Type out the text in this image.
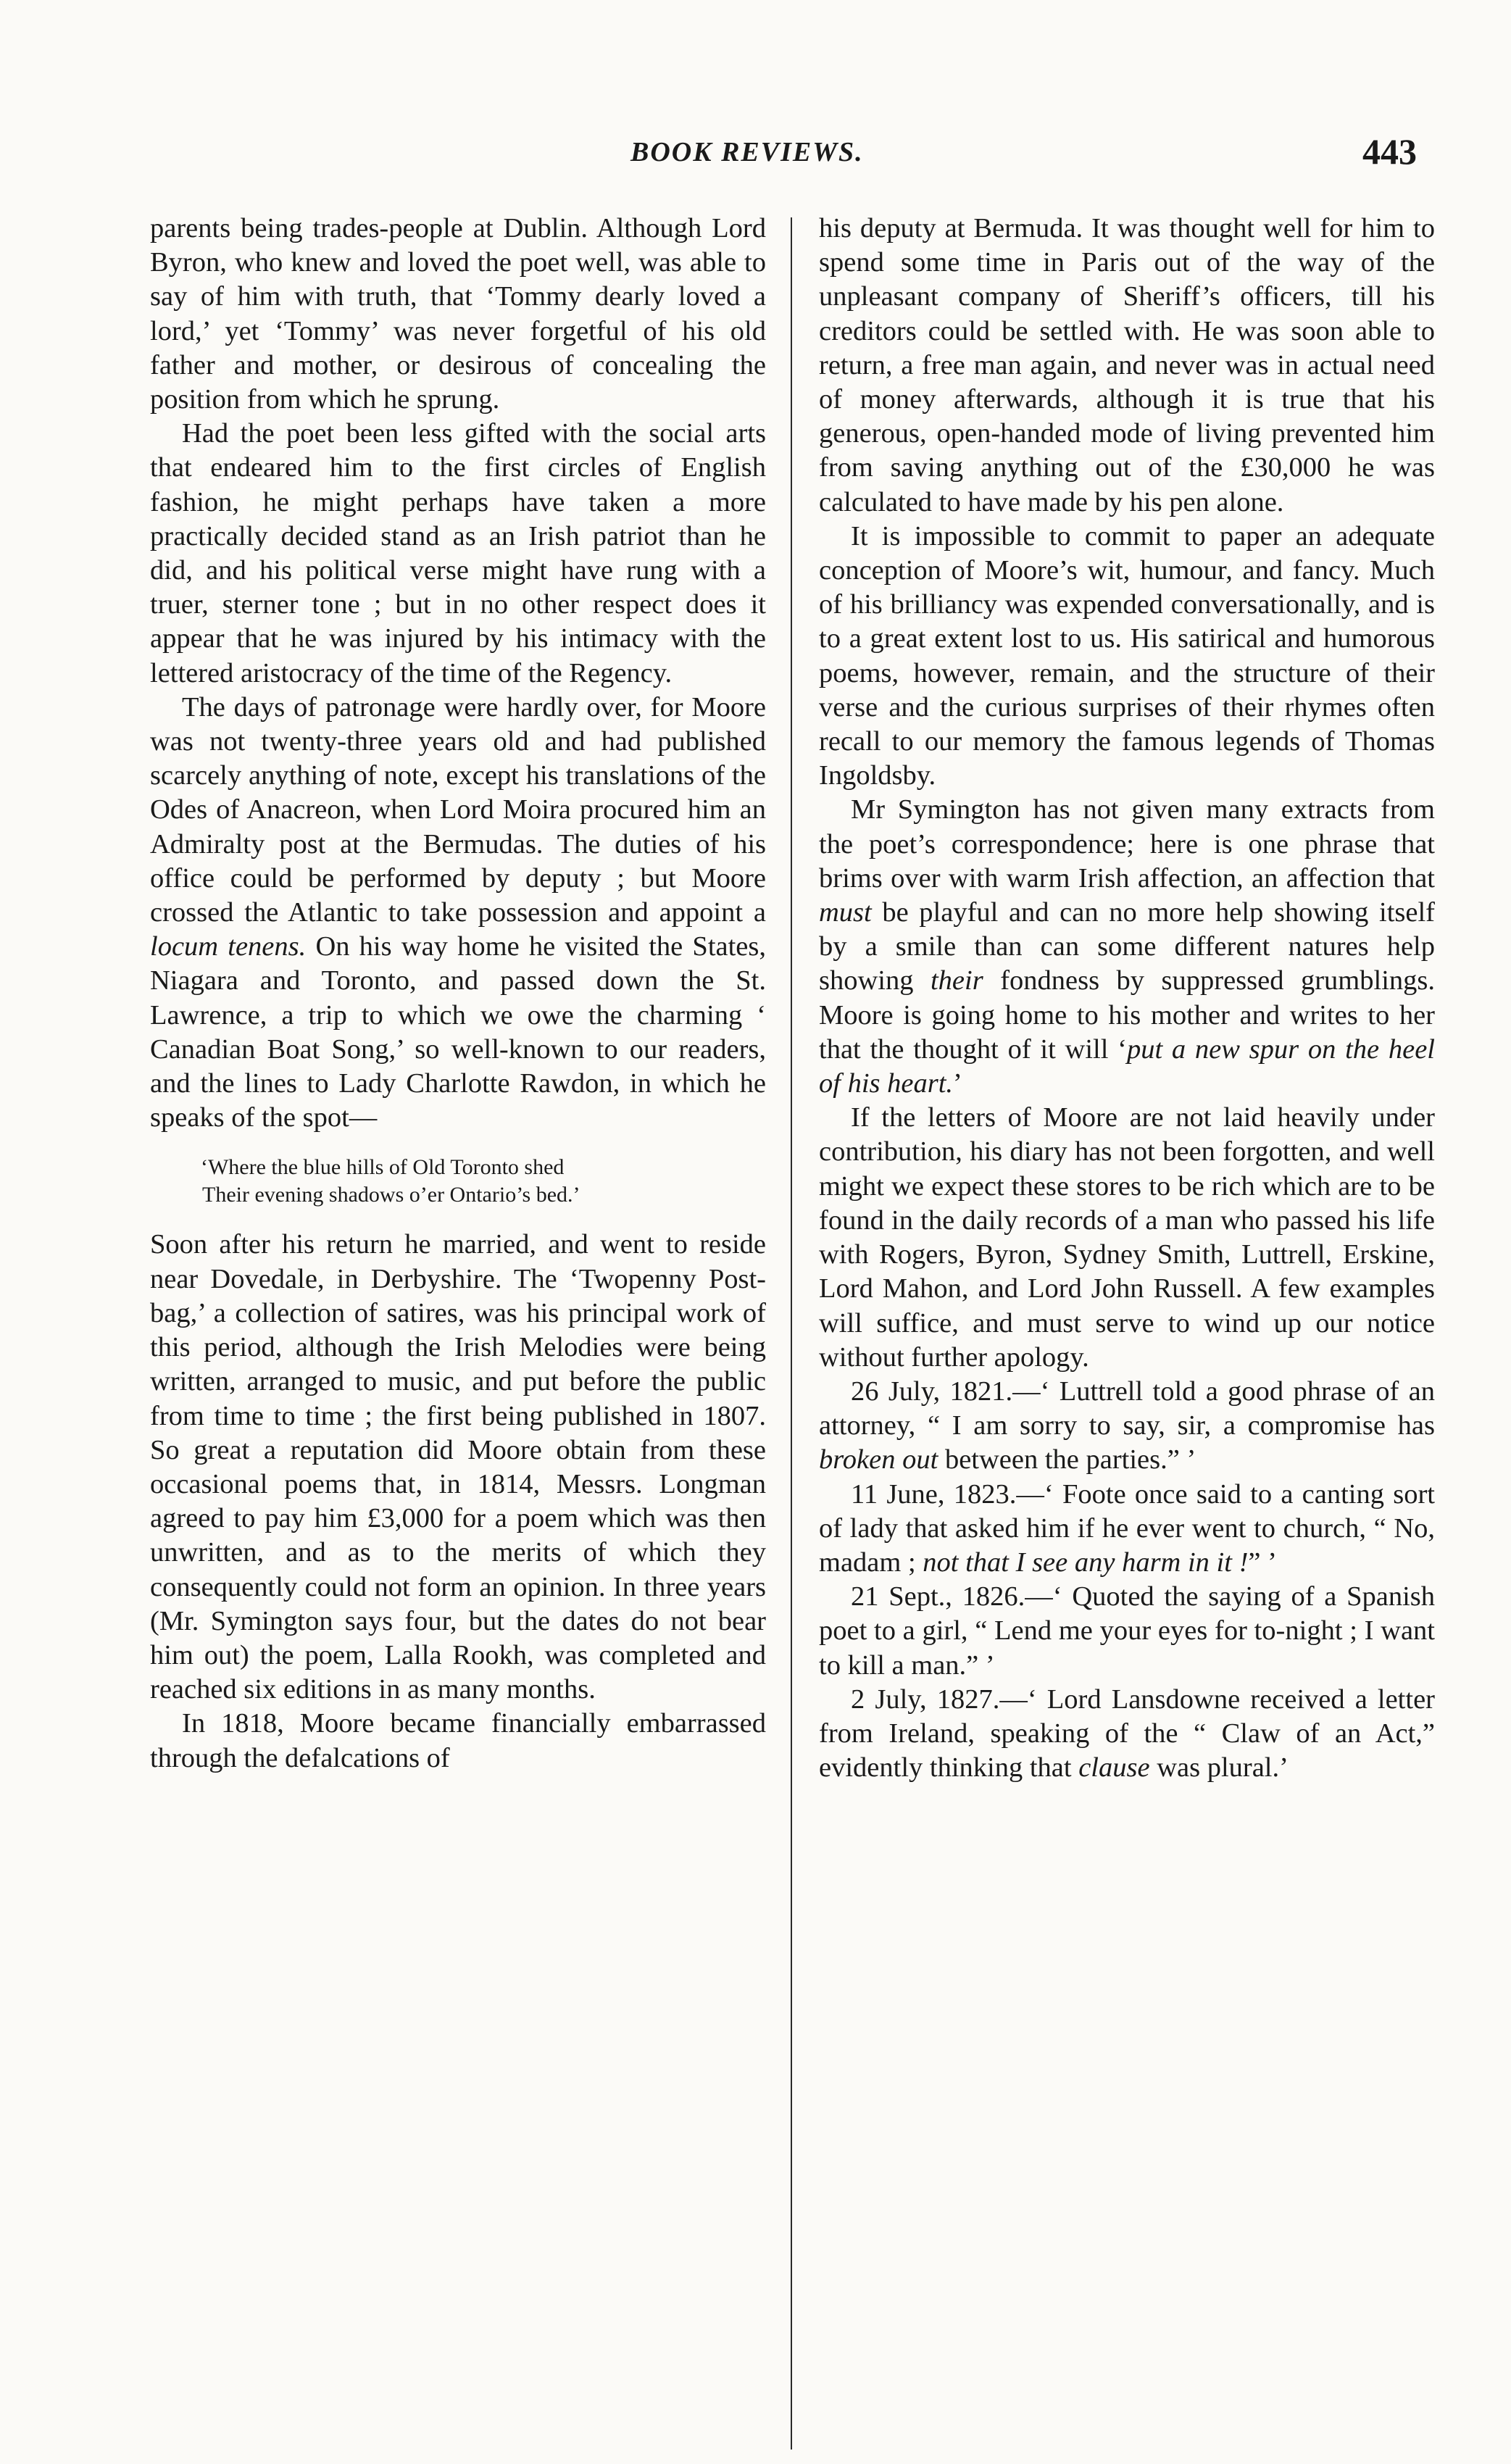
BOOK REVIEWS.	443

parents being trades-people at Dublin. Although Lord Byron, who knew and loved the poet well, was able to say of him with truth, that ‘Tommy dearly loved a lord,’ yet ‘Tommy’ was never forgetful of his old father and mother, or desirous of concealing the position from which he sprung.

Had the poet been less gifted with the social arts that endeared him to the first circles of English fashion, he might perhaps have taken a more practically decided stand as an Irish patriot than he did, and his political verse might have rung with a truer, sterner tone ; but in no other respect does it appear that he was injured by his intimacy with the lettered aristocracy of the time of the Regency.

The days of patronage were hardly over, for Moore was not twenty-three years old and had published scarcely anything of note, except his translations of the Odes of Anacreon, when Lord Moira procured him an Admiralty post at the Bermudas. The duties of his office could be performed by deputy ; but Moore crossed the Atlantic to take possession and appoint a locum tenens. On his way home he visited the States, Niagara and Toronto, and passed down the St. Lawrence, a trip to which we owe the charming ‘ Canadian Boat Song,’ so well-known to our readers, and the lines to Lady Charlotte Rawdon, in which he speaks of the spot—

‘Where the blue hills of Old Toronto shed
Their evening shadows o’er Ontario’s bed.’

Soon after his return he married, and went to reside near Dovedale, in Derbyshire. The ‘Twopenny Post-bag,’ a collection of satires, was his principal work of this period, although the Irish Melodies were being written, arranged to music, and put before the public from time to time ; the first being published in 1807. So great a reputation did Moore obtain from these occasional poems that, in 1814, Messrs. Longman agreed to pay him £3,000 for a poem which was then unwritten, and as to the merits of which they consequently could not form an opinion. In three years (Mr. Symington says four, but the dates do not bear him out) the poem, Lalla Rookh, was completed and reached six editions in as many months.

In 1818, Moore became financially embarrassed through the defalcations of

his deputy at Bermuda. It was thought well for him to spend some time in Paris out of the way of the unpleasant company of Sheriff’s officers, till his creditors could be settled with. He was soon able to return, a free man again, and never was in actual need of money afterwards, although it is true that his generous, open-handed mode of living prevented him from saving anything out of the £30,000 he was calculated to have made by his pen alone.

It is impossible to commit to paper an adequate conception of Moore’s wit, humour, and fancy. Much of his brilliancy was expended conversationally, and is to a great extent lost to us. His satirical and humorous poems, however, remain, and the structure of their verse and the curious surprises of their rhymes often recall to our memory the famous legends of Thomas Ingoldsby.

Mr Symington has not given many extracts from the poet’s correspondence; here is one phrase that brims over with warm Irish affection, an affection that must be playful and can no more help showing itself by a smile than can some different natures help showing their fondness by suppressed grumblings. Moore is going home to his mother and writes to her that the thought of it will ‘put a new spur on the heel of his heart.’

If the letters of Moore are not laid heavily under contribution, his diary has not been forgotten, and well might we expect these stores to be rich which are to be found in the daily records of a man who passed his life with Rogers, Byron, Sydney Smith, Luttrell, Erskine, Lord Mahon, and Lord John Russell. A few examples will suffice, and must serve to wind up our notice without further apology.

26 July, 1821.—‘ Luttrell told a good phrase of an attorney, “ I am sorry to say, sir, a compromise has broken out between the parties.” ’

11 June, 1823.—‘ Foote once said to a canting sort of lady that asked him if he ever went to church, “ No, madam ; not that I see any harm in it !” ’

21 Sept., 1826.—‘ Quoted the saying of a Spanish poet to a girl, “ Lend me your eyes for to-night ; I want to kill a man.” ’

2 July, 1827.—‘ Lord Lansdowne received a letter from Ireland, speaking of the “ Claw of an Act,” evidently thinking that clause was plural.’
